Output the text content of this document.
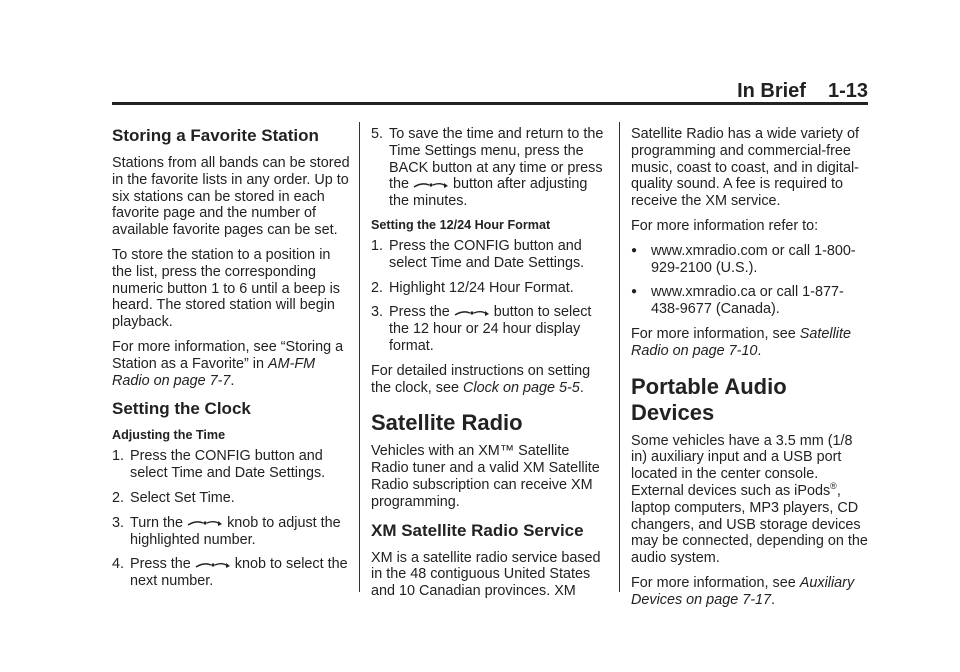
In Brief 1-13
Storing a Favorite Station

Stations from all bands can be stored in the favorite lists in any order. Up to six stations can be stored in each favorite page and the number of available favorite pages can be set.

To store the station to a position in the list, press the corresponding numeric button 1 to 6 until a beep is heard. The stored station will begin playback.

For more information, see “Storing a Station as a Favorite” in AM-FM Radio on page 7-7.

Setting the Clock
Adjusting the Time
1. Press the CONFIG button and select Time and Date Settings.
2. Select Set Time.
3. Turn the	knob to adjust the highlighted number.
4. Press the	knob to select the next number.
5. To save the time and return to the Time Settings menu, press the BACK button at any time or press the	button after adjusting the minutes.
Setting the 12/24 Hour Format
1. Press the CONFIG button and select Time and Date Settings.
2. Highlight 12/24 Hour Format.
3. Press the	button to select the 12 hour or 24 hour display format.

For detailed instructions on setting the clock, see Clock on page 5-5.

Satellite Radio

Vehicles with an XM™ Satellite Radio tuner and a valid XM Satellite Radio subscription can receive XM programming.

XM Satellite Radio Service

XM is a satellite radio service based in the 48 contiguous United States and 10 Canadian provinces. XM

Satellite Radio has a wide variety of programming and commercial-free music, coast to coast, and in digital-quality sound. A fee is required to receive the XM service.

For more information refer to:

● www.xmradio.com or call 1-800-929-2100 (U.S.).
● www.xmradio.ca or call 1-877-438-9677 (Canada).

For more information, see Satellite Radio on page 7-10.

Portable Audio Devices

Some vehicles have a 3.5 mm (1/8 in) auxiliary input and a USB port located in the center console. External devices such as iPods®, laptop computers, MP3 players, CD changers, and USB storage devices may be connected, depending on the audio system.

For more information, see Auxiliary Devices on page 7-17.
